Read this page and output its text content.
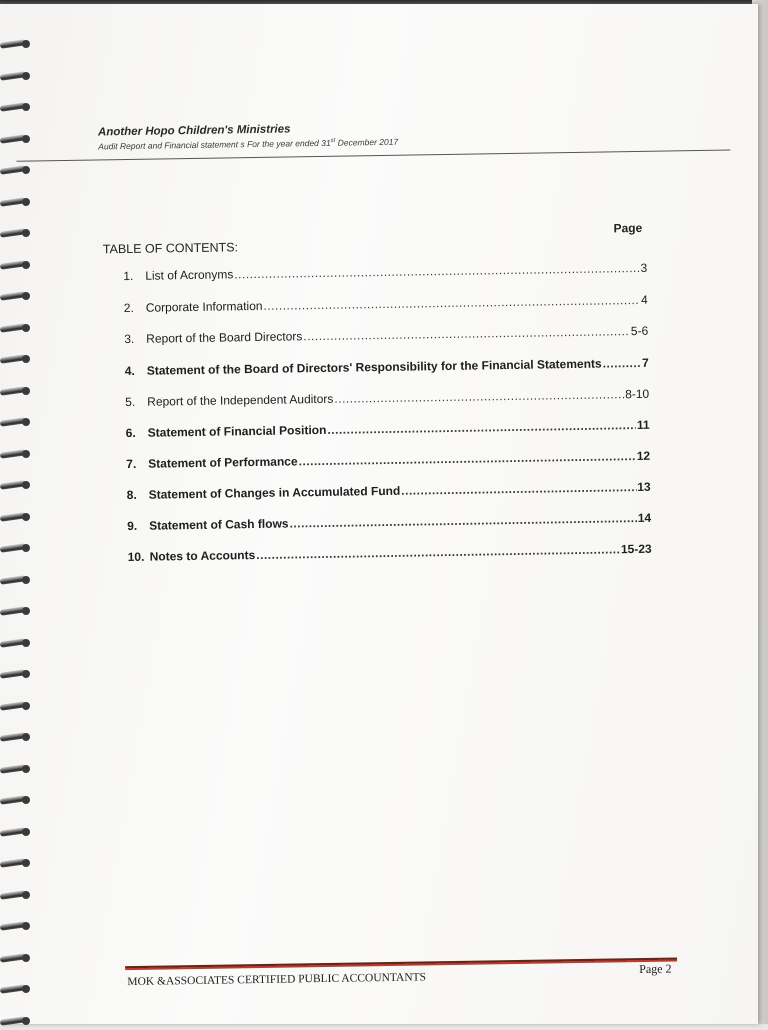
Another Hopo Children's Ministries
Audit Report and Financial statement s For the year ended 31st December 2017
TABLE OF CONTENTS:
Page
1. List of Acronyms .....	3
2. Corporate Information .....	4
3. Report of the Board Directors .....	5-6
4. Statement of the Board of Directors' Responsibility for the Financial Statements .....	7
5. Report of the Independent Auditors .....	8-10
6. Statement of Financial Position .....	11
7. Statement of Performance .....	12
8. Statement of Changes in Accumulated Fund .....	13
9. Statement of Cash flows .....	14
10. Notes to Accounts .....	15-23
MOK &ASSOCIATES CERTIFIED PUBLIC ACCOUNTANTS
Page 2
